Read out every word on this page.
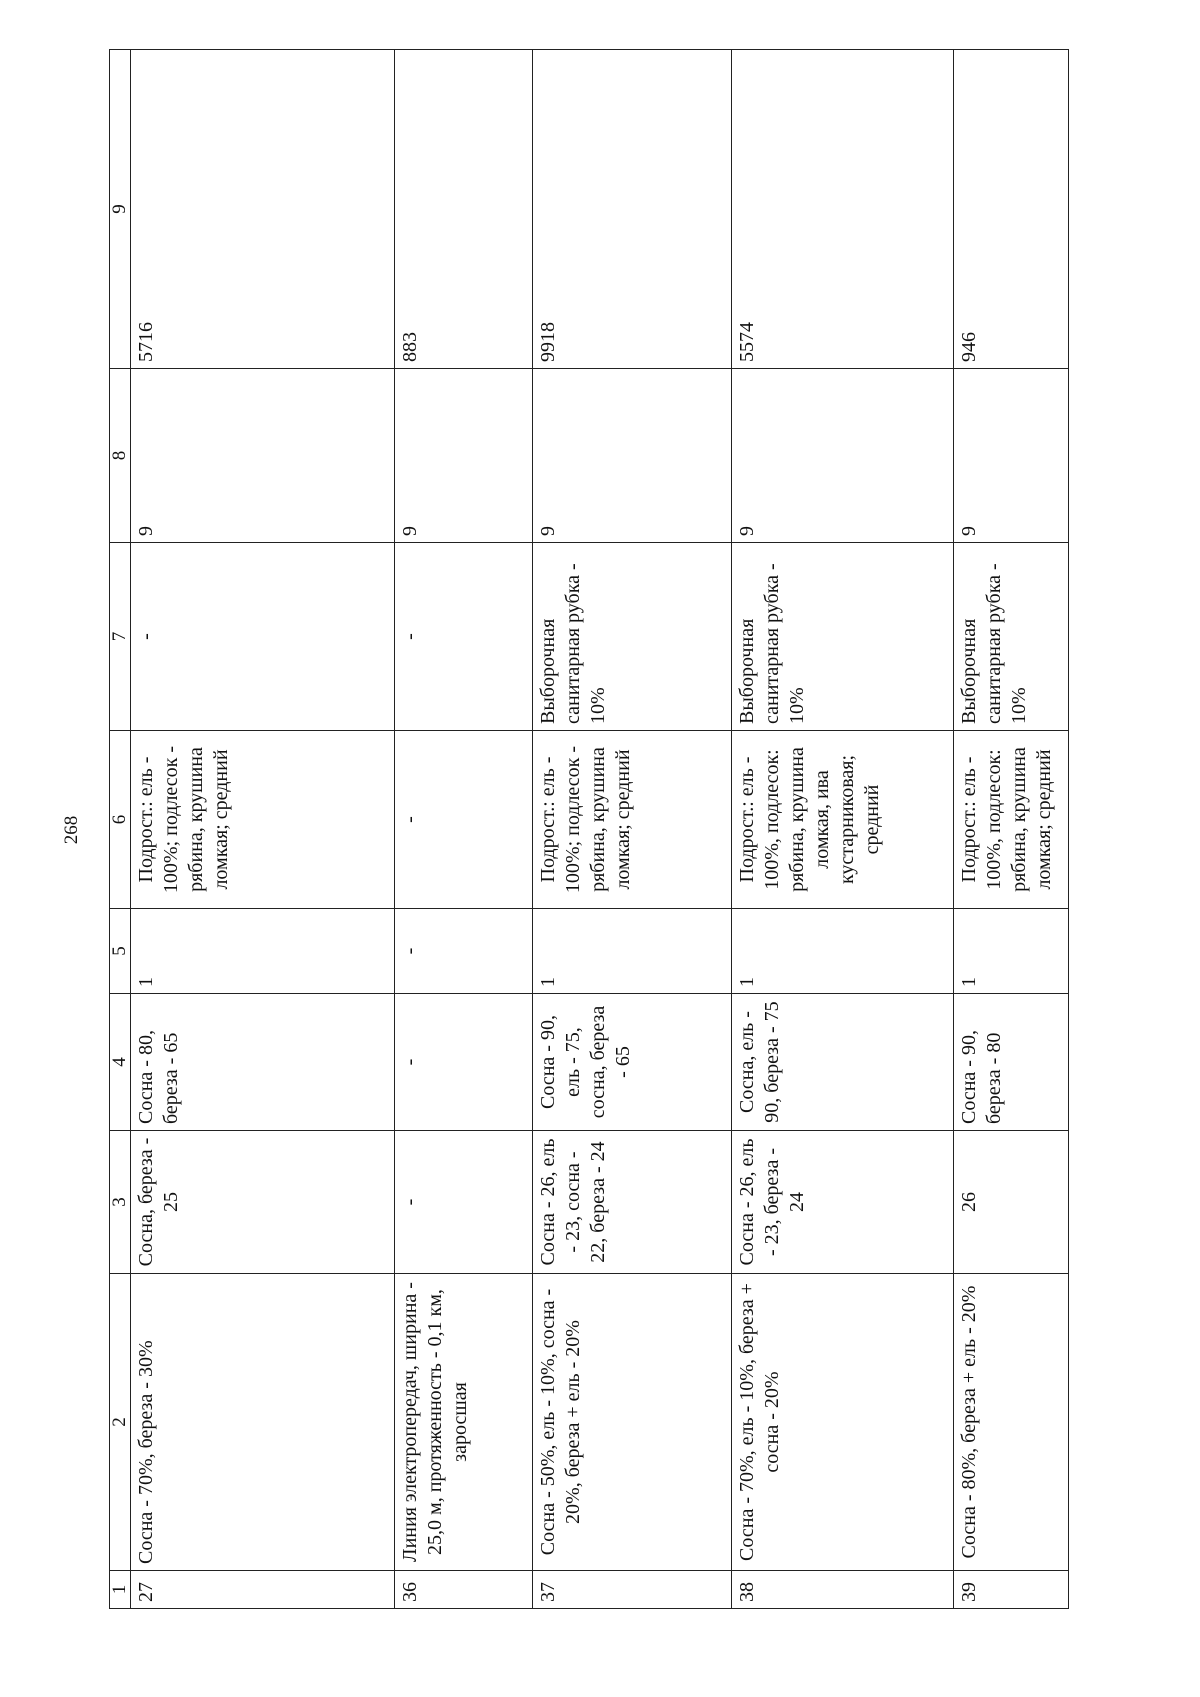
268
1	2	3	4	5	6	7	8	9
27	Сосна - 70%, береза - 30%	Сосна, береза - 25	Сосна - 80, береза - 65	1	Подрост.: ель - 100%; подлесок - рябина, крушина ломкая; средний	-	9	5716
36	Линия электропередач, ширина - 25,0 м, протяженность - 0,1 км, заросшая	-	-	-	-	-	9	883
37	Сосна - 50%, ель - 10%, сосна - 20%, береза + ель - 20%	Сосна - 26, ель - 23, сосна - 22, береза - 24	Сосна - 90, ель - 75, сосна, береза - 65	1	Подрост.: ель - 100%; подлесок - рябина, крушина ломкая; средний	Выборочная санитарная рубка - 10%	9	9918
38	Сосна - 70%, ель - 10%, береза + сосна - 20%	Сосна - 26, ель - 23, береза - 24	Сосна, ель - 90, береза - 75	1	Подрост.: ель - 100%, подлесок: рябина, крушина ломкая, ива кустарниковая; средний	Выборочная санитарная рубка - 10%	9	5574
39	Сосна - 80%, береза + ель - 20%	26	Сосна - 90, береза - 80	1	Подрост.: ель - 100%, подлесок: рябина, крушина ломкая; средний	Выборочная санитарная рубка - 10%	9	946
